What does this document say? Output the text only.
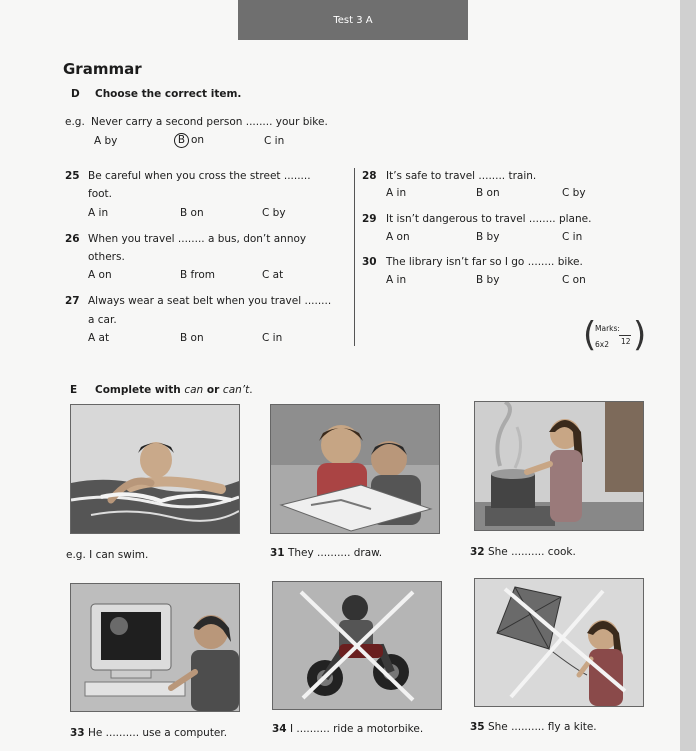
Test 3 A
Grammar
D Choose the correct item.
e.g. Never carry a second person ........ your bike.
A by	B on	C in
25 Be careful when you cross the street ........
foot.
A in	B on	C by
26 When you travel ........ a bus, don’t annoy
others.
A on	B from	C at
27 Always wear a seat belt when you travel ........
a car.
A at	B on	C in
28 It’s safe to travel ........ train.
A in	B on	C by
29 It isn’t dangerous to travel ........ plane.
A on	B by	C in
30 The library isn’t far so I go ........ bike.
A in	B by	C on
(
Marks:
6x2 12 )
E Complete with can or can’t.
e.g. I can swim.	31 They .......... draw.	32 She .......... cook.
33 He .......... use a computer.	34 I .......... ride a motorbike.	35 She .......... fly a kite.
